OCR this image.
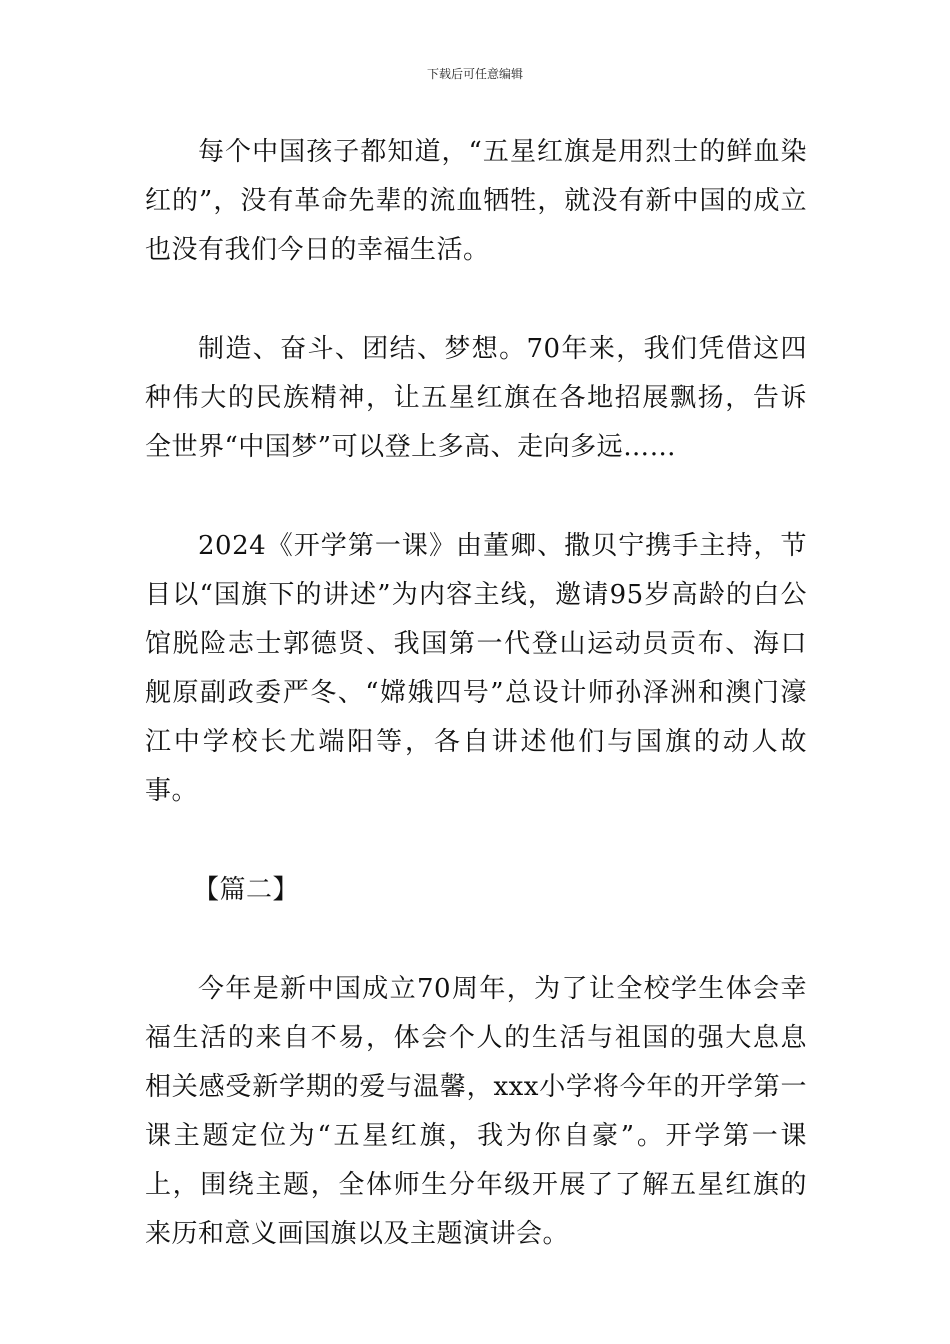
下载后可任意编辑

每个中国孩子都知道，“五星红旗是用烈士的鲜血染红的”，没有革命先辈的流血牺牲，就没有新中国的成立也没有我们今日的幸福生活。

制造、奋斗、团结、梦想。70年来，我们凭借这四种伟大的民族精神，让五星红旗在各地招展飘扬，告诉全世界“中国梦”可以登上多高、走向多远……

2024《开学第一课》由董卿、撒贝宁携手主持，节目以“国旗下的讲述”为内容主线，邀请95岁高龄的白公馆脱险志士郭德贤、我国第一代登山运动员贡布、海口舰原副政委严冬、“嫦娥四号”总设计师孙泽洲和澳门濠江中学校长尤端阳等，各自讲述他们与国旗的动人故事。

【篇二】

今年是新中国成立70周年，为了让全校学生体会幸福生活的来自不易，体会个人的生活与祖国的强大息息相关感受新学期的爱与温馨，xxx小学将今年的开学第一课主题定位为“五星红旗，我为你自豪”。开学第一课上，围绕主题，全体师生分年级开展了了解五星红旗的来历和意义画国旗以及主题演讲会。
